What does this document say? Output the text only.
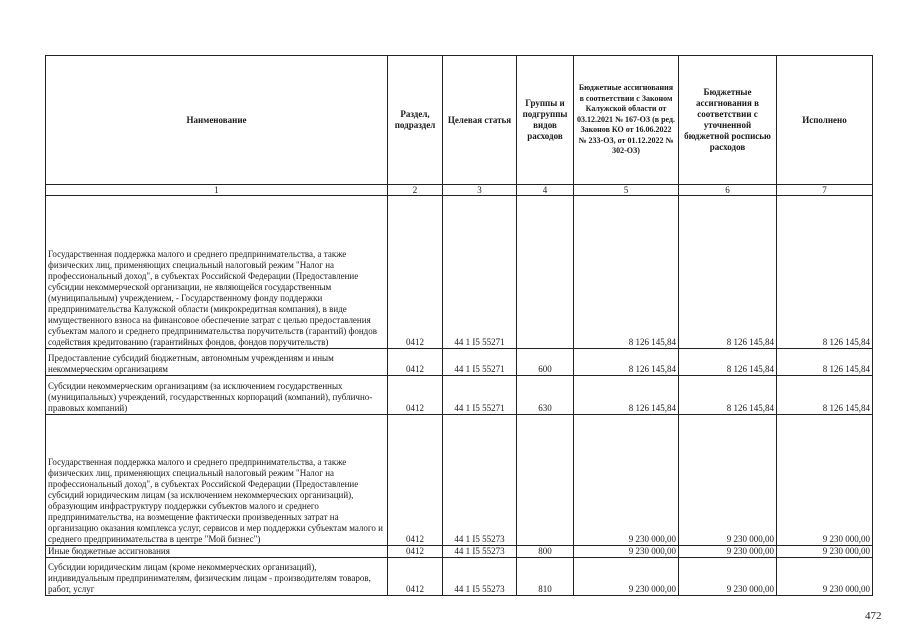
Наименование	Раздел, подраздел	Целевая статья	Группы и подгруппы видов расходов	Бюджетные ассигнования в соответствии с Законом Калужской области от 03.12.2021 № 167-ОЗ (в ред. Законов КО от 16.06.2022 № 233-ОЗ, от 01.12.2022 № 302-ОЗ)	Бюджетные ассигнования в соответствии с уточненной бюджетной росписью расходов	Исполнено
1	2	3	4	5	6	7
Государственная поддержка малого и среднего предпринимательства, а также физических лиц, применяющих специальный налоговый режим "Налог на профессиональный доход", в субъектах Российской Федерации (Предоставление субсидии некоммерческой организации, не являющейся государственным (муниципальным) учреждением, - Государственному фонду поддержки предпринимательства Калужской области (микрокредитная компания), в виде имущественного взноса на финансовое обеспечение затрат с целью предоставления субъектам малого и среднего предпринимательства поручительств (гарантий) фондов содействия кредитованию (гарантийных фондов, фондов поручительств)	0412	44 1 I5 55271		8 126 145,84	8 126 145,84	8 126 145,84
Предоставление субсидий бюджетным, автономным учреждениям и иным некоммерческим организациям	0412	44 1 I5 55271	600	8 126 145,84	8 126 145,84	8 126 145,84
Субсидии некоммерческим организациям (за исключением государственных (муниципальных) учреждений, государственных корпораций (компаний), публично-правовых компаний)	0412	44 1 I5 55271	630	8 126 145,84	8 126 145,84	8 126 145,84
Государственная поддержка малого и среднего предпринимательства, а также физических лиц, применяющих специальный налоговый режим "Налог на профессиональный доход", в субъектах Российской Федерации (Предоставление субсидий юридическим лицам (за исключением некоммерческих организаций), образующим инфраструктуру поддержки субъектов малого и среднего предпринимательства, на возмещение фактически произведенных затрат на организацию оказания комплекса услуг, сервисов и мер поддержки субъектам малого и среднего предпринимательства в центре "Мой бизнес")	0412	44 1 I5 55273		9 230 000,00	9 230 000,00	9 230 000,00
Иные бюджетные ассигнования	0412	44 1 I5 55273	800	9 230 000,00	9 230 000,00	9 230 000,00
Субсидии юридическим лицам (кроме некоммерческих организаций), индивидуальным предпринимателям, физическим лицам - производителям товаров, работ, услуг	0412	44 1 I5 55273	810	9 230 000,00	9 230 000,00	9 230 000,00
472
